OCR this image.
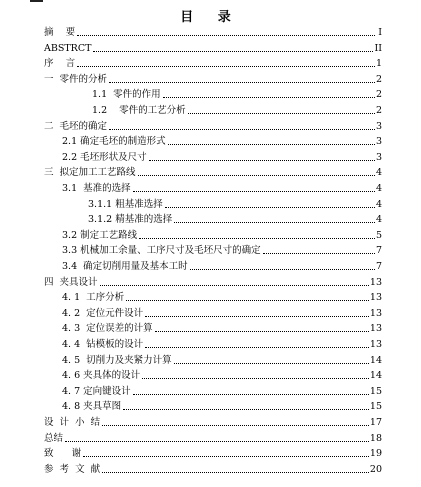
目 录
摘    要	I
ABSTRCT	II
序    言	1
一  零件的分析	2
1.1  零件的作用	2
1.2    零件的工艺分析	2
二  毛坯的确定	3
2.1 确定毛坯的制造形式	3
2.2 毛坯形状及尺寸	3
三  拟定加工工艺路线	4
3.1  基准的选择	4
3.1.1 粗基准选择	4
3.1.2 精基准的选择	4
3.2 制定工艺路线	5
3.3 机械加工余量、工序尺寸及毛坯尺寸的确定	7
3.4  确定切削用量及基本工时	7
四  夹具设计	13
4. 1  工序分析	13
4. 2  定位元件设计	13
4. 3  定位误差的计算	13
4. 4  钻模板的设计	13
4. 5  切削力及夹紧力计算	14
4. 6 夹具体的设计	14
4. 7 定向键设计	15
4. 8 夹具草图	15
设  计  小  结	17
总结	18
致      谢	19
参  考  文  献	20
